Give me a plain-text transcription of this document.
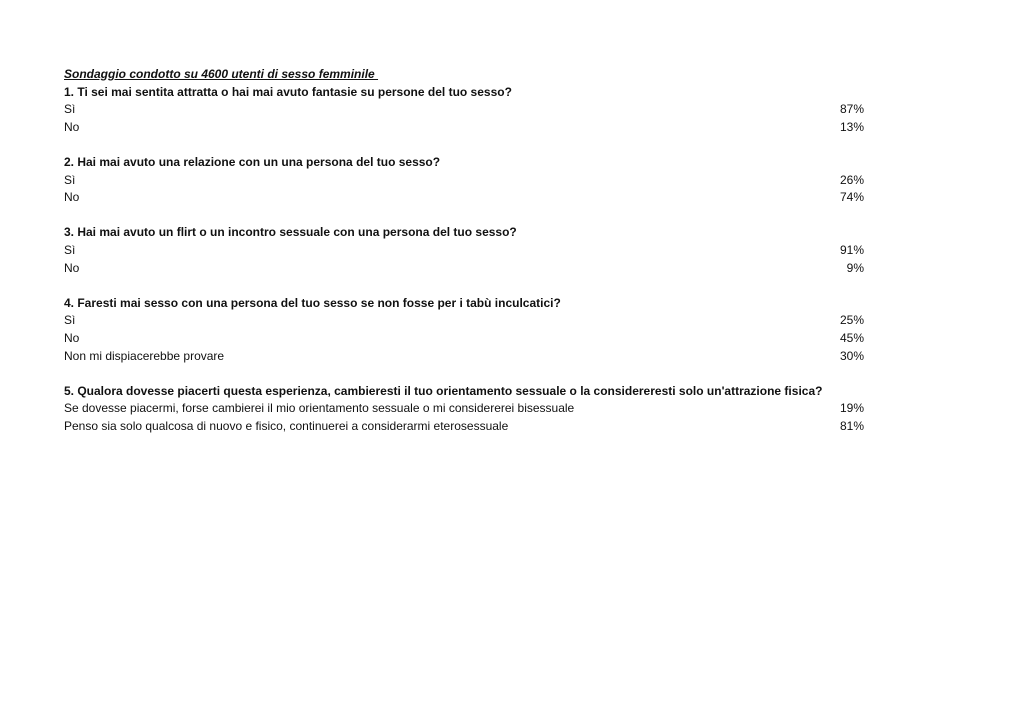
Sondaggio condotto su 4600 utenti di sesso femminile
1. Ti sei mai sentita attratta o hai mai avuto fantasie su persone del tuo sesso?
Sì	87%
No	13%
2. Hai mai avuto una relazione con un una persona del tuo sesso?
Sì	26%
No	74%
3. Hai mai avuto un flirt o un incontro sessuale con una persona del tuo sesso?
Sì	91%
No	9%
4. Faresti mai sesso con una persona del tuo sesso se non fosse per i tabù inculcatici?
Sì	25%
No	45%
Non mi dispiacerebbe provare	30%
5. Qualora dovesse piacerti questa esperienza, cambieresti il tuo orientamento sessuale o la considereresti solo un'attrazione fisica?
Se dovesse piacermi, forse cambierei il mio orientamento sessuale o mi considererei bisessuale	19%
Penso sia solo qualcosa di nuovo e fisico, continuerei a considerarmi eterosessuale	81%
